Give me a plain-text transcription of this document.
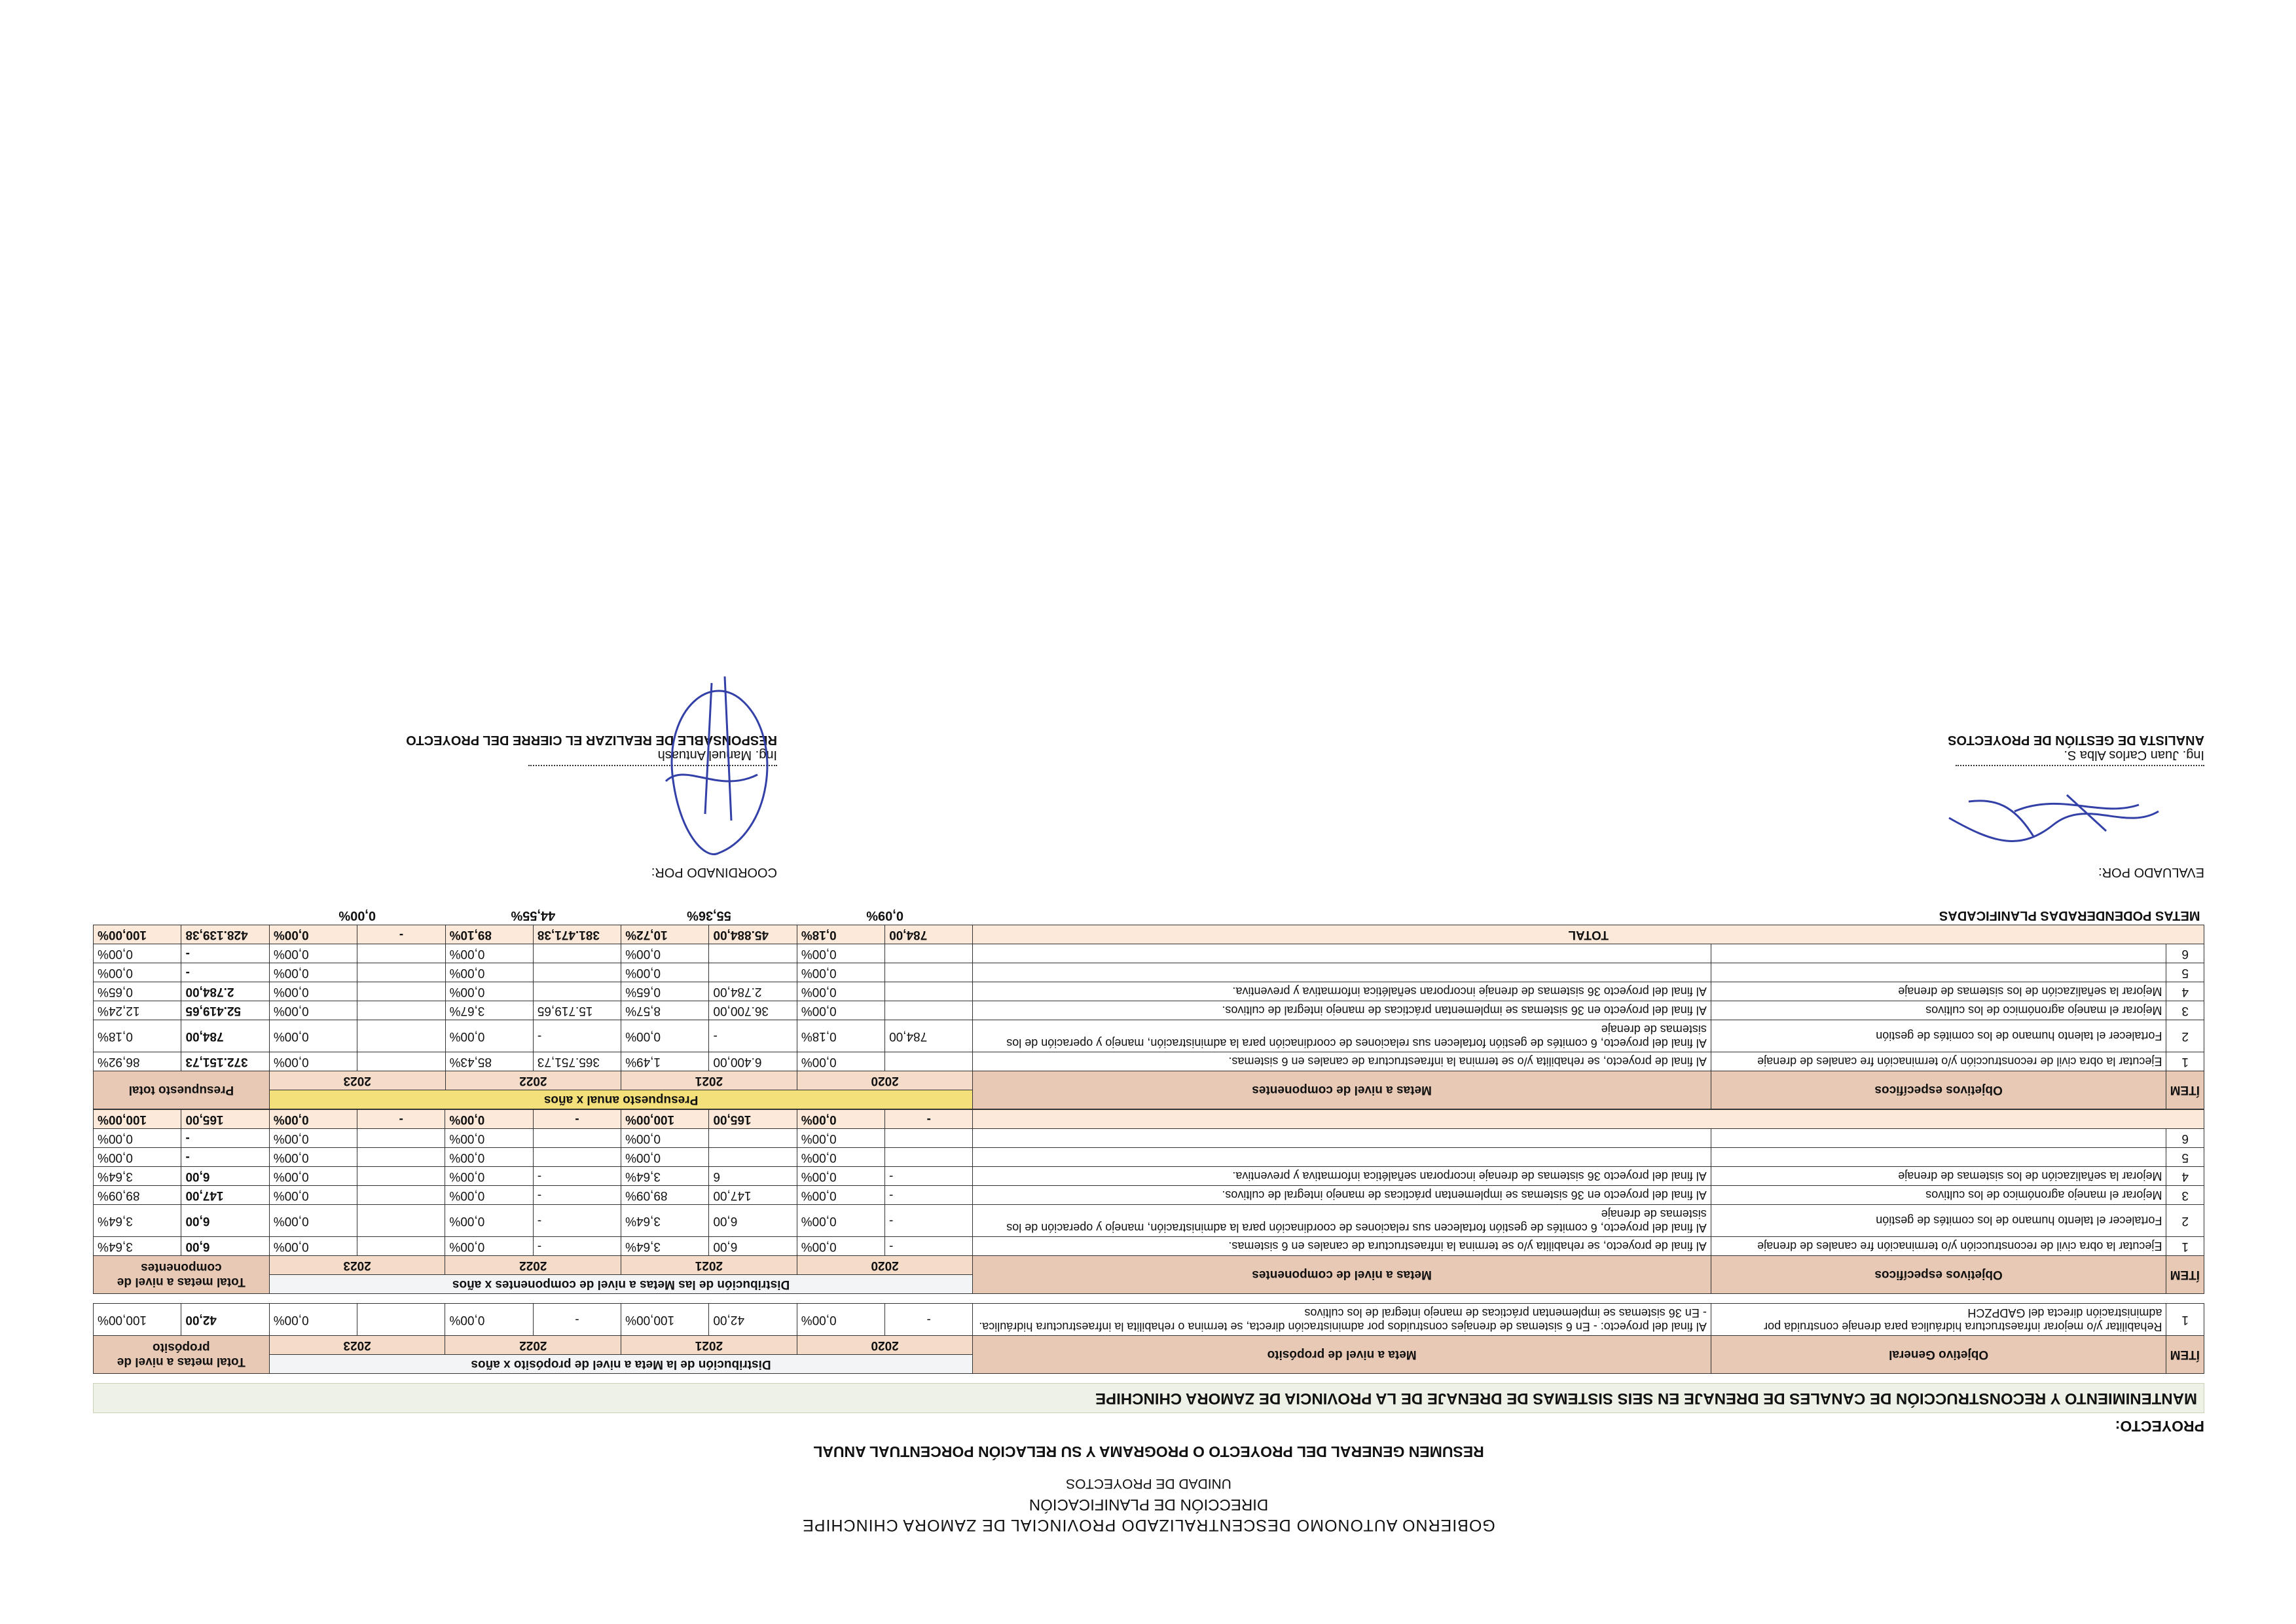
GOBIERNO AUTONOMO DESCENTRALIZADO PROVINCIAL DE ZAMORA CHINCHIPE
DIRECCIÓN DE PLANIFICACIÓN
UNIDAD DE PROYECTOS
RESUMEN GENERAL DEL PROYECTO O PROGRAMA Y SU RELACIÓN PORCENTUAL ANUAL
PROYECTO:
MANTENIMIENTO Y RECONSTRUCCIÓN DE CANALES DE DRENAJE EN SEIS SISTEMAS DE DRENAJE DE LA PROVINCIA DE ZAMORA CHINCHIPE
ÍTEM	Objetivo General	Meta a nivel de propósito	Distribución de la Meta a nivel de propósito x años								Total metas a nivel de propósito	
			2020		2021		2022		2023			
1	Rehabilitar y/o mejorar infraestructura hidráulica para drenaje construida por administración directa del GADPZCH	Al final del proyecto: - En 6 sistemas de drenajes construidos por administración directa, se termina o rehabilita la infraestructura hidráulica. - En 36 sistemas se implementan prácticas de manejo integral de los cultivos	-	0,00%	42,00	100,00%	-	0,00%		0,00%	42,00	100,00%
ÍTEM	Objetivos específicos	Metas a nivel de componentes	Distribución de las Metas a nivel de componentes x años								Total metas a nivel de componentes	
			2020		2021		2022		2023			
1	Ejecutar la obra civil de reconstrucción y/o terminación fre canales de drenaje	Al final de proyecto, se rehabilita y/o se termina la infraestructura de canales en 6 sistemas.	-	0,00%	6,00	3,64%	-	0,00%		0,00%	6,00	3,64%
2	Fortalecer el talento humano de los comités de gestión	Al final del proyecto, 6 comités de gestión fortalecen sus relaciones de coordinación para la administración, manejo y operación de los sistemas de drenaje	-	0,00%	6,00	3,64%	-	0,00%		0,00%	6,00	3,64%
3	Mejorar el manejo agronómico de los cultivos	Al final del proyecto en 36 sistemas se implementan prácticas de manejo integral de cultivos.	-	0,00%	147,00	89,09%	-	0,00%		0,00%	147,00	89,09%
4	Mejorar la señalización de los sistemas de drenaje	Al final del proyecto 36 sistemas de drenaje incorporan señalética informativa y preventiva.	-	0,00%	6	3,64%	-	0,00%		0,00%	6,00	3,64%
5				0,00%		0,00%		0,00%		0,00%	-	0,00%
6				0,00%		0,00%		0,00%		0,00%	-	0,00%
			-	0,00%	165,00	100,00%	-	0,00%	-	0,00%	165,00	100,00%
ÍTEM	Objetivos específicos	Metas a nivel de componentes	Presupuesto anual x años								Presupuesto total	
			2020		2021		2022		2023			
1	Ejecutar la obra civil de reconstrucción y/o terminación fre canales de drenaje	Al final de proyecto, se rehabilita y/o se termina la infraestructura de canales en 6 sistemas.		0,00%	6.400,00	1,49%	365.751,73	85,43%		0,00%	372.151,73	86,92%
2	Fortalecer el talento humano de los comités de gestión	Al final del proyecto, 6 comités de gestión fortalecen sus relaciones de coordinación para la administración, manejo y operación de los sistemas de drenaje	784,00	0,18%	-	0,00%	-	0,00%		0,00%	784,00	0,18%
3	Mejorar el manejo agronómico de los cultivos	Al final del proyecto en 36 sistemas se implementan prácticas de manejo integral de cultivos.		0,00%	36.700,00	8,57%	15.719,65	3,67%		0,00%	52.419,65	12,24%
4	Mejorar la señalización de los sistemas de drenaje	Al final del proyecto 36 sistemas de drenaje incorporan señalética informativa y preventiva.		0,00%	2.784,00	0,65%		0,00%		0,00%	2.784,00	0,65%
5				0,00%		0,00%		0,00%		0,00%	-	0,00%
6				0,00%		0,00%		0,00%		0,00%	-	0,00%
TOTAL			784,00	0,18%	45.884,00	10,72%	381.471,38	89,10%	-	0,00%	428.139,38	100,00%
METAS PODENDERADAS PLANIFICADAS			0,09%		55,36%		44,55%		0,00%			
EVALUADO POR:
Ing. Juan Carlos Alba S.
ANALISTA DE GESTIÓN DE PROYECTOS
COORDINADO POR:
Ing. Manuel Antuash
RESPONSABLE DE REALIZAR EL CIERRE DEL PROYECTO
